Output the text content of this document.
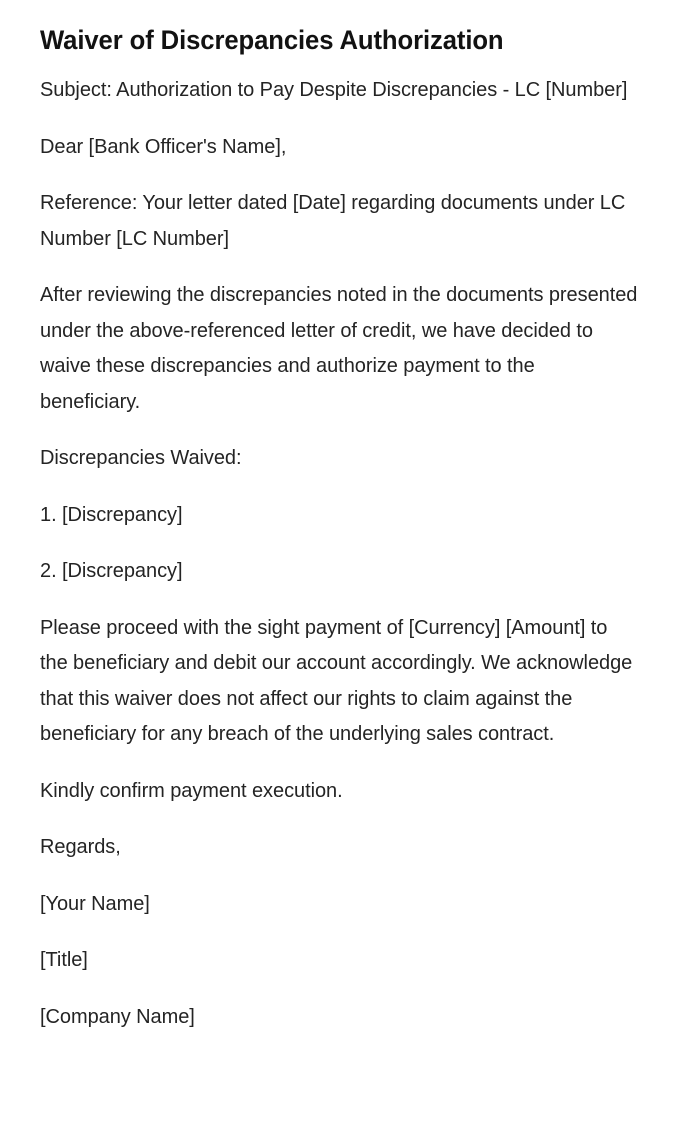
Waiver of Discrepancies Authorization

Subject: Authorization to Pay Despite Discrepancies - LC [Number]

Dear [Bank Officer's Name],

Reference: Your letter dated [Date] regarding documents under LC Number [LC Number]

After reviewing the discrepancies noted in the documents presented under the above-referenced letter of credit, we have decided to waive these discrepancies and authorize payment to the beneficiary.

Discrepancies Waived:

1. [Discrepancy]

2. [Discrepancy]

Please proceed with the sight payment of [Currency] [Amount] to the beneficiary and debit our account accordingly. We acknowledge that this waiver does not affect our rights to claim against the beneficiary for any breach of the underlying sales contract.

Kindly confirm payment execution.

Regards,

[Your Name]

[Title]

[Company Name]
